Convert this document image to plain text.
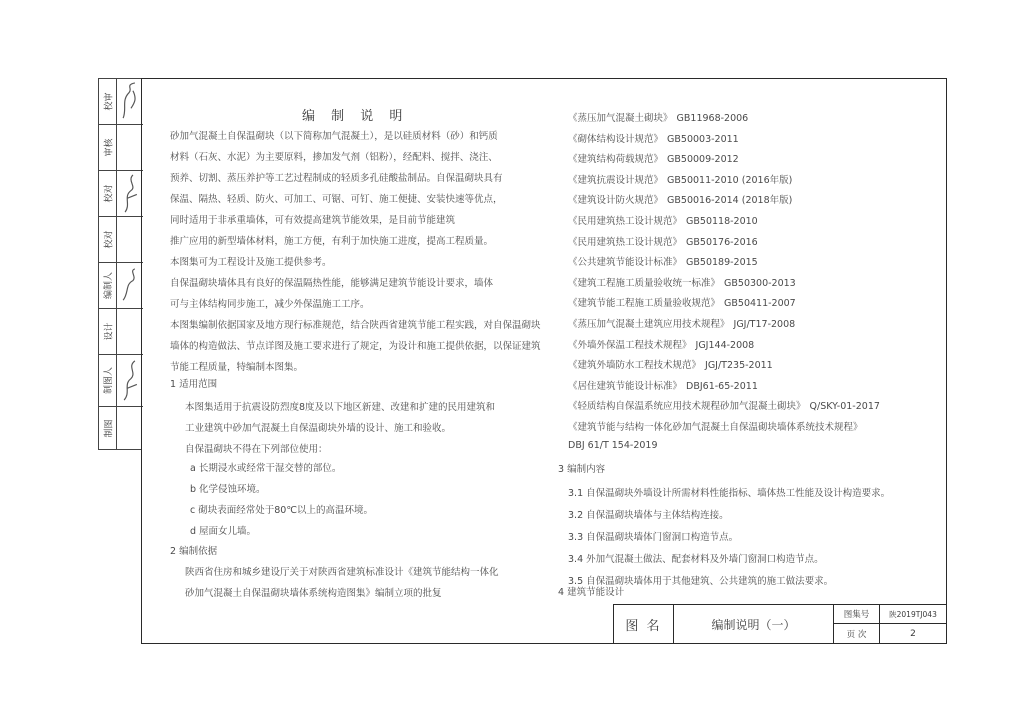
校审
审核
校对
校对
编制人
设计
制图人
制图
编 制 说 明
砂加气混凝土自保温砌块（以下简称加气混凝土），是以硅质材料（砂）和钙质
材料（石灰、水泥）为主要原料，掺加发气剂（铝粉），经配料、搅拌、浇注、
预养、切割、蒸压养护等工艺过程制成的轻质多孔硅酸盐制品。自保温砌块具有
保温、隔热、轻质、防火、可加工、可锯、可钉、施工便捷、安装快速等优点，
同时适用于非承重墙体，可有效提高建筑节能效果，是目前节能建筑
推广应用的新型墙体材料，施工方便，有利于加快施工进度，提高工程质量。
本图集可为工程设计及施工提供参考。
自保温砌块墙体具有良好的保温隔热性能，能够满足建筑节能设计要求，墙体
可与主体结构同步施工，减少外保温施工工序。
本图集编制依据国家及地方现行标准规范，结合陕西省建筑节能工程实践，对自保温砌块
墙体的构造做法、节点详图及施工要求进行了规定，为设计和施工提供依据，以保证建筑
节能工程质量，特编制本图集。
1 适用范围
本图集适用于抗震设防烈度8度及以下地区新建、改建和扩建的民用建筑和
工业建筑中砂加气混凝土自保温砌块外墙的设计、施工和验收。
自保温砌块不得在下列部位使用：
a 长期浸水或经常干湿交替的部位。
b 化学侵蚀环境。
c 砌块表面经常处于80℃以上的高温环境。
d 屋面女儿墙。
2 编制依据
陕西省住房和城乡建设厅关于对陕西省建筑标准设计《建筑节能结构一体化
砂加气混凝土自保温砌块墙体系统构造图集》编制立项的批复
《蒸压加气混凝土砌块》 GB11968-2006
《砌体结构设计规范》 GB50003-2011
《建筑结构荷载规范》 GB50009-2012
《建筑抗震设计规范》 GB50011-2010 (2016年版)
《建筑设计防火规范》 GB50016-2014 (2018年版)
《民用建筑热工设计规范》 GB50118-2010
《民用建筑热工设计规范》 GB50176-2016
《公共建筑节能设计标准》 GB50189-2015
《建筑工程施工质量验收统一标准》 GB50300-2013
《建筑节能工程施工质量验收规范》 GB50411-2007
《蒸压加气混凝土建筑应用技术规程》 JGJ/T17-2008
《外墙外保温工程技术规程》 JGJ144-2008
《建筑外墙防水工程技术规范》 JGJ/T235-2011
《居住建筑节能设计标准》 DBJ61-65-2011
《轻质结构自保温系统应用技术规程砂加气混凝土砌块》 Q/SKY-01-2017
《建筑节能与结构一体化砂加气混凝土自保温砌块墙体系统技术规程》
DBJ 61/T 154-2019
3 编制内容
3.1 自保温砌块外墙设计所需材料性能指标、墙体热工性能及设计构造要求。
3.2 自保温砌块墙体与主体结构连接。
3.3 自保温砌块墙体门窗洞口构造节点。
3.4 外加气混凝土做法、配套材料及外墙门窗洞口构造节点。
3.5 自保温砌块墙体用于其他建筑、公共建筑的施工做法要求。
4 建筑节能设计
图 名	编制说明（一）
图集号	陕2019TJ043
页 次	2
